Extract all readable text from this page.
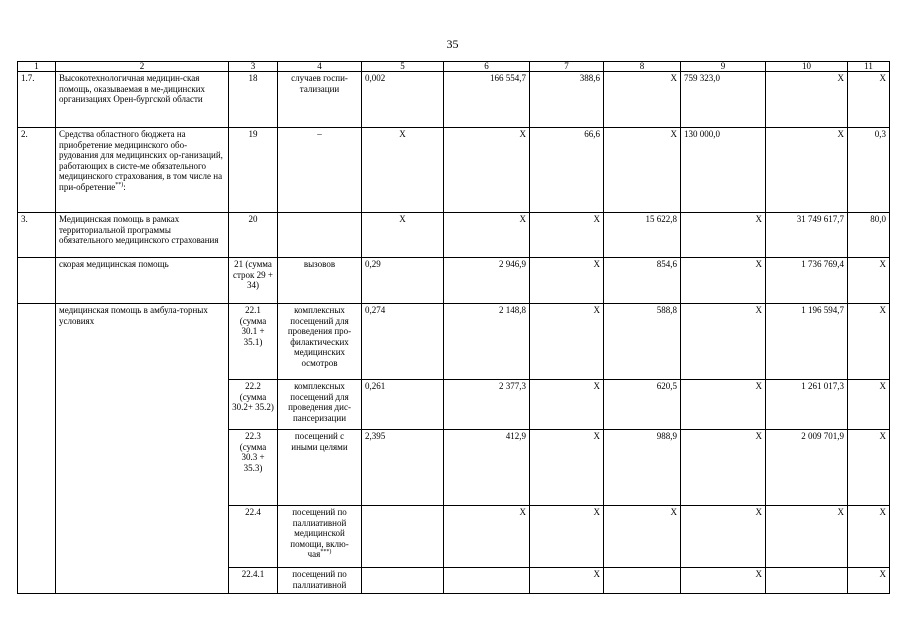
35
1	2	3	4	5	6	7	8	9	10	11
1.7.	Высокотехнологичная медицин-ская помощь, оказываемая в ме-дицинских организациях Орен-бургской области	18	случаев госпи-тализации	0,002	166 554,7	388,6	X	759 323,0	X	X
2.	Средства областного бюджета на приобретение медицинского обо-рудования для медицинских ор-ганизаций, работающих в систе-ме обязательного медицинского страхования, в том числе на при-обретение**):	19	–	X	X	66,6	X	130 000,0	X	0,3
3.	Медицинская помощь в рамках территориальной программы обязательного медицинского страхования	20		X	X	X	15 622,8	X	31 749 617,7	80,0
	скорая медицинская помощь	21 (сумма строк 29 + 34)	вызовов	0,29	2 946,9	X	854,6	X	1 736 769,4	X
	медицинская помощь в амбула-торных условиях	22.1 (сумма 30.1 + 35.1)	комплексных посещений для проведения про-филактических медицинских осмотров	0,274	2 148,8	X	588,8	X	1 196 594,7	X
		22.2 (сумма 30.2+ 35.2)	комплексных посещений для проведения дис-пансеризации	0,261	2 377,3	X	620,5	X	1 261 017,3	X
		22.3 (сумма 30.3 + 35.3)	посещений с иными целями	2,395	412,9	X	988,9	X	2 009 701,9	X
		22.4	посещений по паллиативной медицинской помощи, вклю-чая***)		X	X	X	X	X	X
		22.4.1	посещений по паллиативной			X		X		X
